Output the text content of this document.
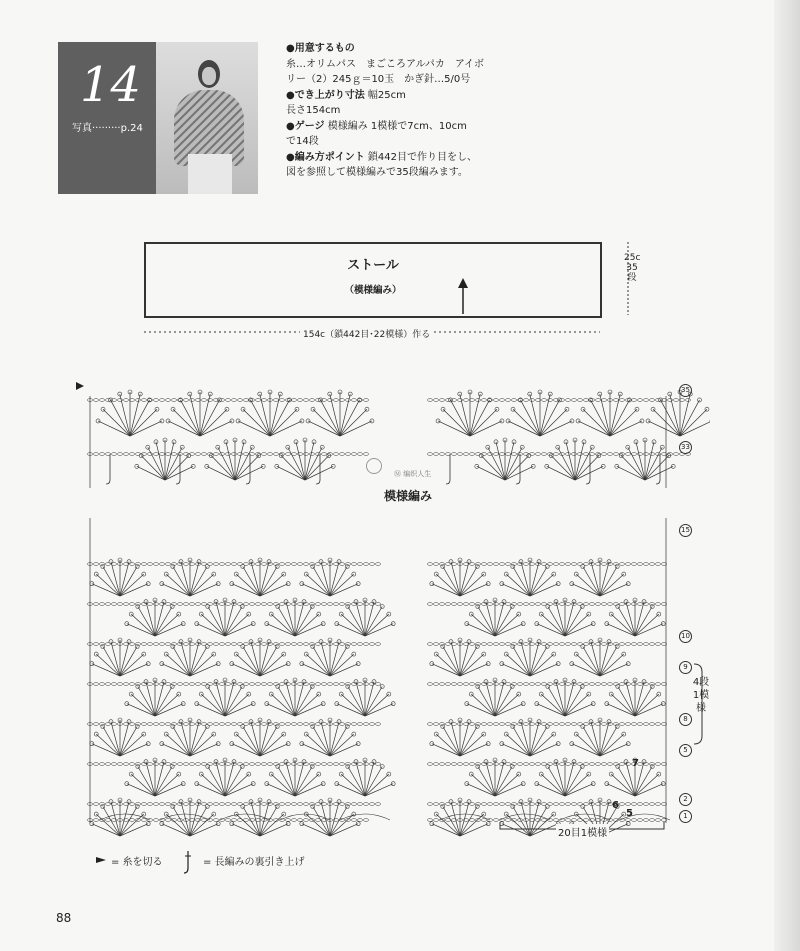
14
写真·········p.24

●用意するもの

糸…オリムパス　まごころアルパカ　アイボ

リー（2）245ｇ＝10玉　かぎ針…5/0号

●でき上がり寸法 幅25cm

長さ154cm

●ゲージ 模様編み 1模様で7cm、10cm

で14段

●編み方ポイント 鎖442目で作り目をし、

図を参照して模様編みで35段編みます。

ストール
（模様編み）
25c
35段
154c（鎖442目･22模様）作る
Ⓜ 编织人生
模様編み
35
33
15
10
9
8
5
2
1
4段1模様
20目1模様
7
6
5
= 糸を切る	= 長編みの裏引き上げ
88
